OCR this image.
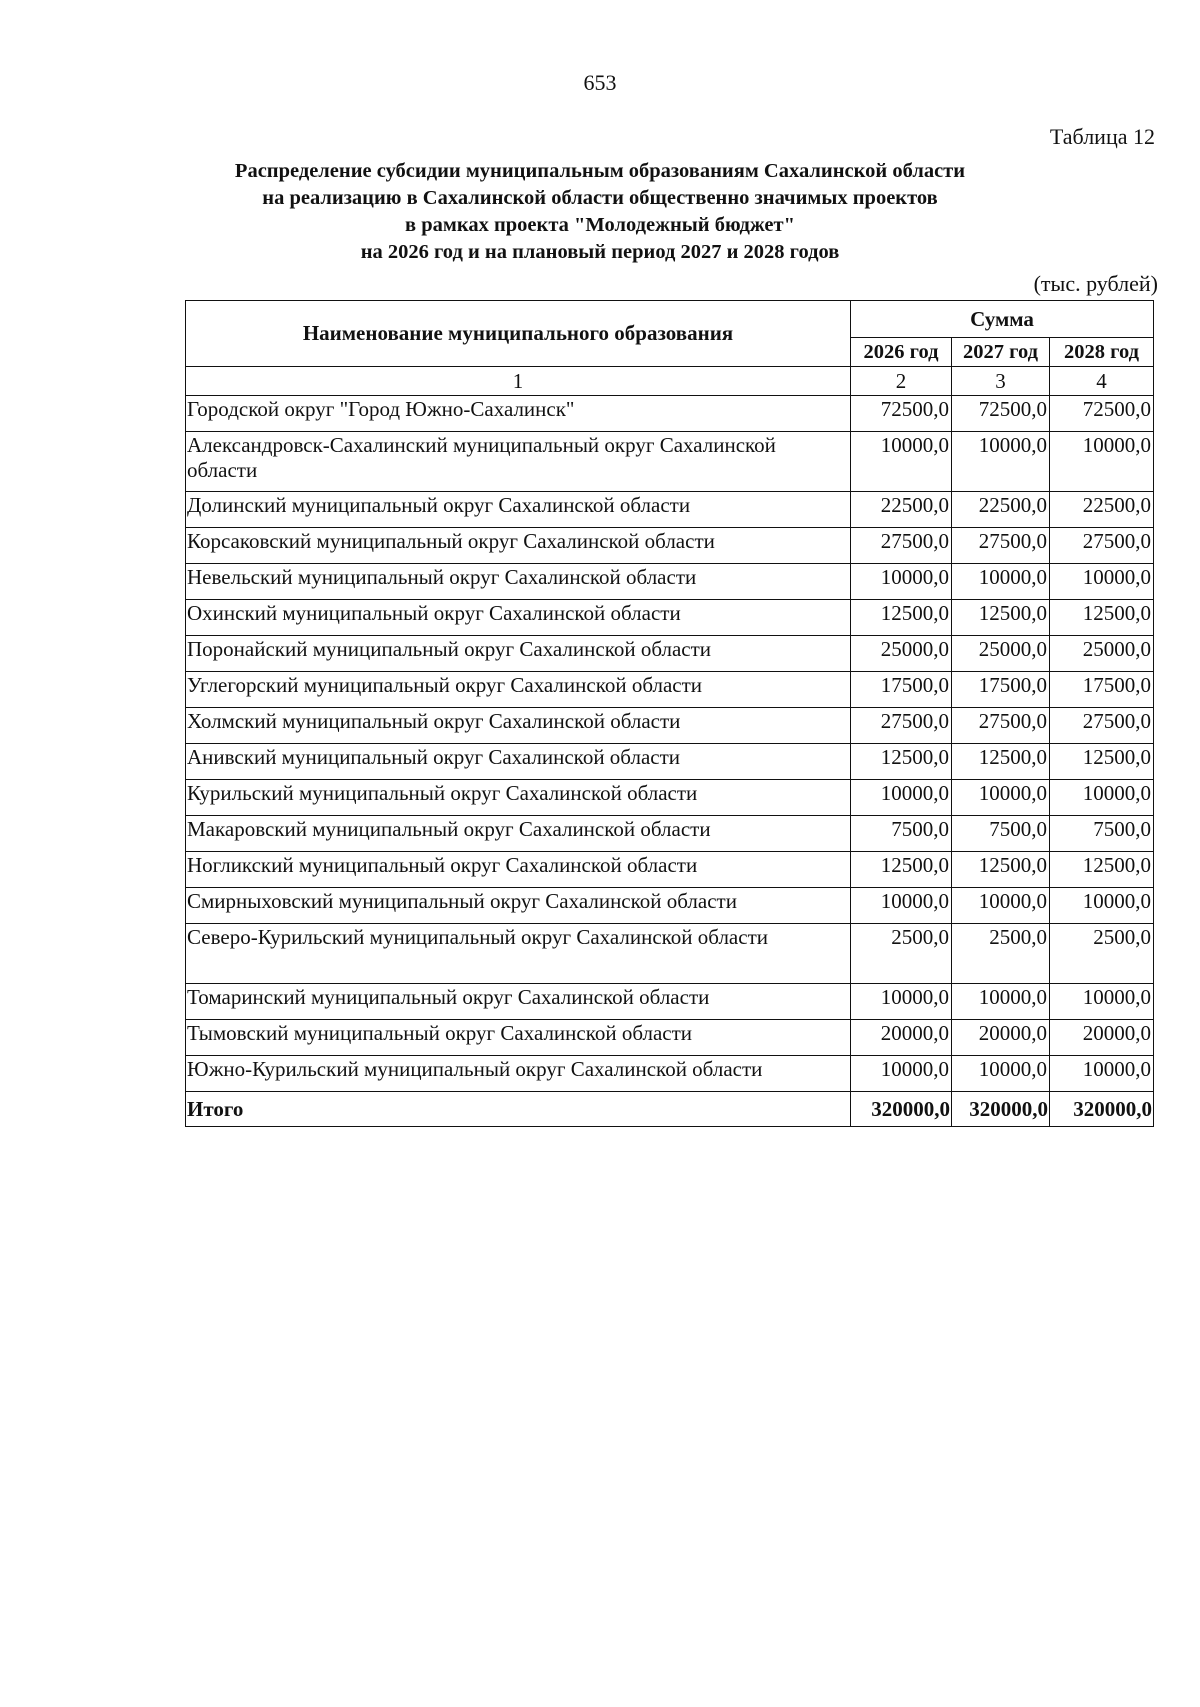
653
Таблица 12
Распределение субсидии муниципальным образованиям Сахалинской области
на реализацию в Сахалинской области общественно значимых проектов
в рамках проекта "Молодежный бюджет"
на 2026 год и на плановый период 2027 и 2028 годов
(тыс. рублей)
Наименование муниципального образования	Сумма		
	2026 год	2027 год	2028 год
1	2	3	4
Городской округ "Город Южно-Сахалинск"	72500,0	72500,0	72500,0
Александровск-Сахалинский муниципальный округ Сахалинской области	10000,0	10000,0	10000,0
Долинский муниципальный округ Сахалинской области	22500,0	22500,0	22500,0
Корсаковский муниципальный округ Сахалинской области	27500,0	27500,0	27500,0
Невельский муниципальный округ Сахалинской области	10000,0	10000,0	10000,0
Охинский муниципальный округ Сахалинской области	12500,0	12500,0	12500,0
Поронайский муниципальный округ Сахалинской области	25000,0	25000,0	25000,0
Углегорский муниципальный округ Сахалинской области	17500,0	17500,0	17500,0
Холмский муниципальный округ Сахалинской области	27500,0	27500,0	27500,0
Анивский муниципальный округ Сахалинской области	12500,0	12500,0	12500,0
Курильский муниципальный округ Сахалинской области	10000,0	10000,0	10000,0
Макаровский муниципальный округ Сахалинской области	7500,0	7500,0	7500,0
Ногликский муниципальный округ Сахалинской области	12500,0	12500,0	12500,0
Смирныховский муниципальный округ Сахалинской области	10000,0	10000,0	10000,0
Северо-Курильский муниципальный округ Сахалинской области	2500,0	2500,0	2500,0
Томаринский муниципальный округ Сахалинской области	10000,0	10000,0	10000,0
Тымовский муниципальный округ Сахалинской области	20000,0	20000,0	20000,0
Южно-Курильский муниципальный округ Сахалинской области	10000,0	10000,0	10000,0
Итого	320000,0	320000,0	320000,0
